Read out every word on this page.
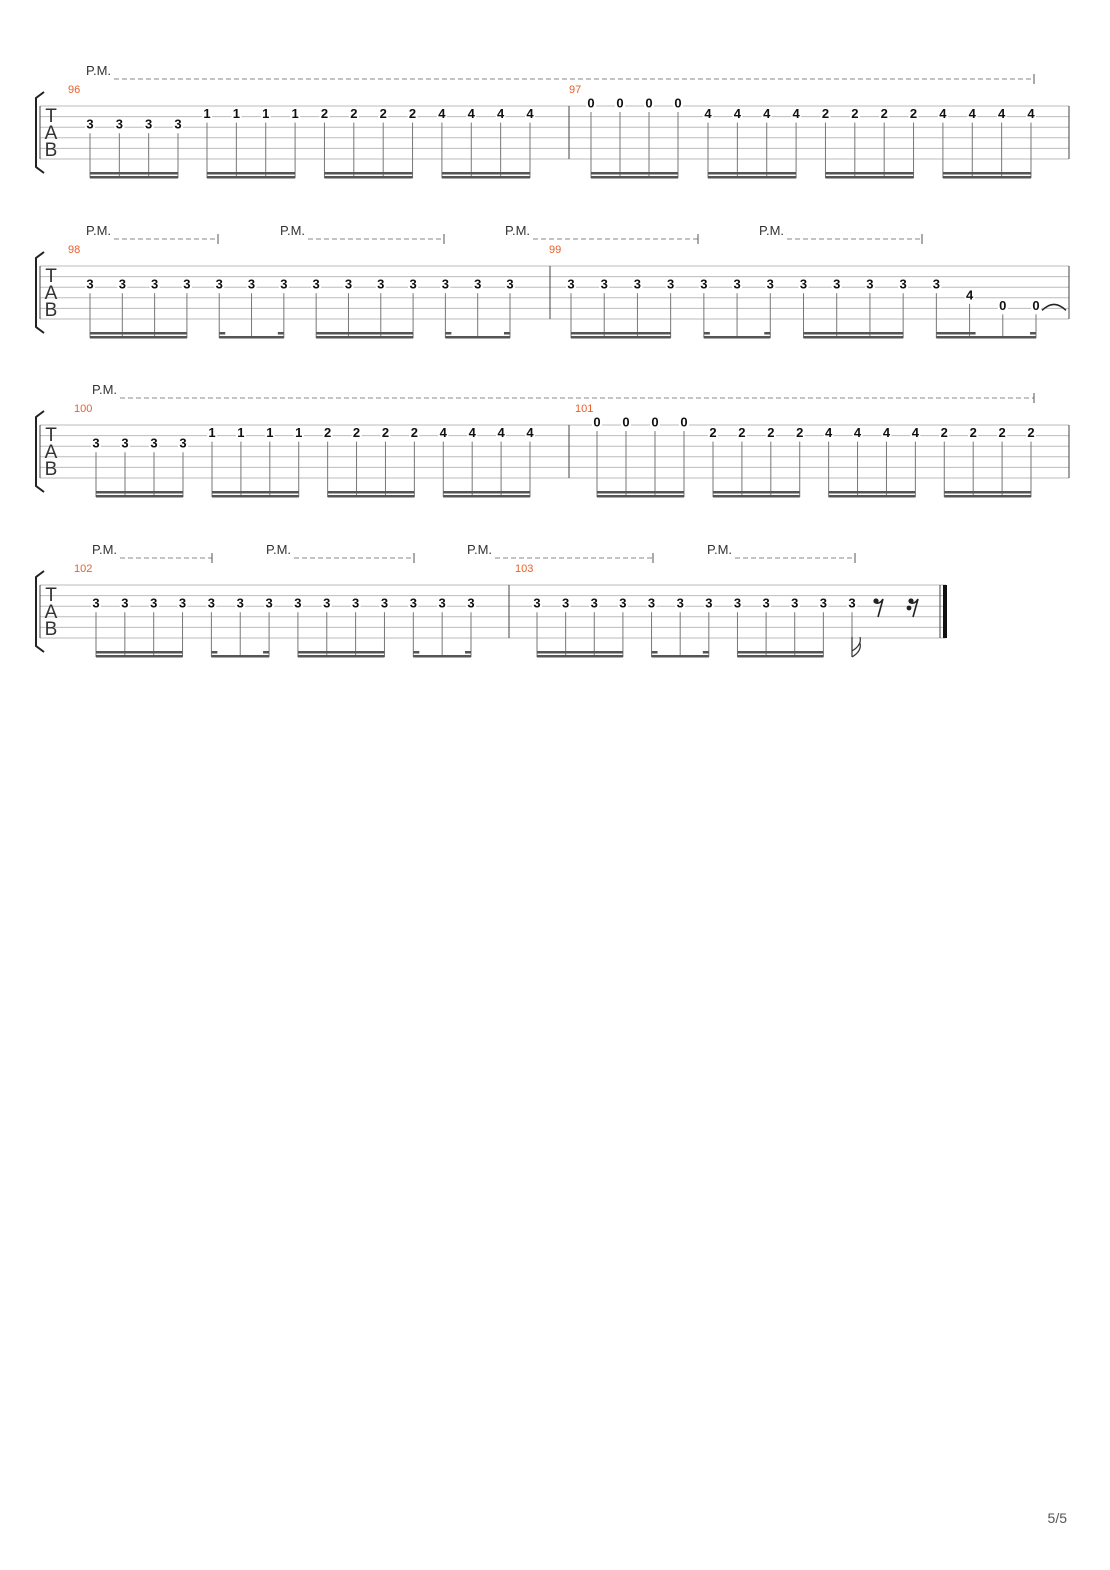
T
A
B
P.M.
96
3 3 3 3
1 1 1 1 2 2 2 2 4 4 4 4
97
0 0 0 0
4 4 4 4 2 2 2 2 4 4 4 4
T
A
B
P.M.	P.M.	P.M.	P.M.
98
3 3 3 3 3 3 3 3 3 3 3 3 3 3
99
3 3 3 3 3 3 3 3 3 3 3 3
4
0 0
T
A
B
P.M.
100
3 3 3 3
1 1 1 1 2 2 2 2 4 4 4 4
101
0 0 0 0
2 2 2 2 4 4 4 4 2 2 2 2
T
A
B
P.M.	P.M.	P.M.	P.M.
102
3 3 3 3 3 3 3 3 3 3 3 3 3 3
103
3 3 3 3 3 3 3 3 3 3 3 3
5/5
